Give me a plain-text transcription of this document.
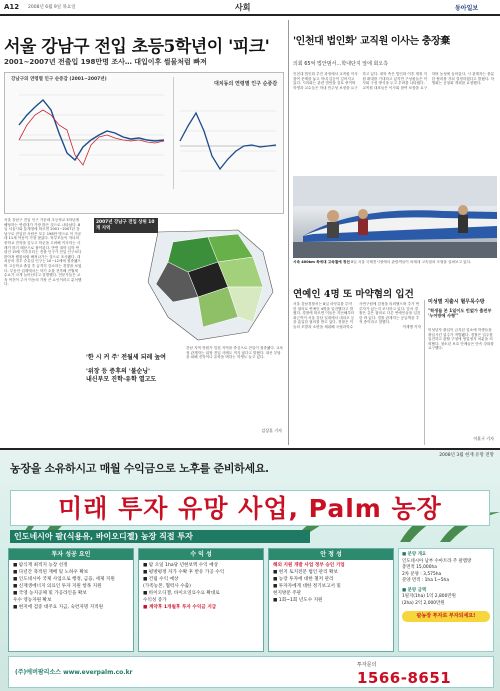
A12 2008년 6월 9일 목요일	사회	동아일보
서울 강남구 전입 초등5학년이 '피크'
2001~2007년 전출입 198만명 조사… 대입이후 썰물처럼 빠져
강남구의 연령별 인구 순증감 (2001~2007년)
대치동의 연령별 인구 순증감
2007년 강남구 전입 상위 10개 지역
서울 강남구 전입 인구 가운데 초등학교 5학년에 해당하는 연령대가 가장 많은 것으로 나타났다. 8일 서울시와 통계청에 따르면 2001~2007년 강남구로 전입한 사람은 모두 198만 명으로 이 가운데 11세 아동이 가장 많았다. 학부모들이 자녀의 중학교 진학을 앞두고 학군을 고려해 이사하는 사례가 많기 때문으로 풀이된다. 반면 대학 입학 연령인 19세 이후부터는 전출 인구가 전입 인구보다 많아져 썰물처럼 빠져나가는 것으로 조사됐다. 대치동의 경우 순유입 인구는 10~12세에 집중됐으며 고등학교 졸업 후 급격히 감소하는 경향을 보였다. 부동산 업계에서는 학기 초를 전후해 전월세 수요가 크게 늘어난다고 설명했다. 전문가들은 교육 여건이 주거 이동의 가장 큰 요인이라고 분석했다.
'한 시 커 주' 전월세 되레 높여
'위장 등 증후의 '불순닝'
내신부모 진학·유학 열고도
강남 지역 학원가 밀집 지역을 중심으로 전입이 집중됐다. 교육청 관계자는 위장 전입 사례도 적지 않다고 밝혔다. 내신 부담을 피해 진학이나 유학을 택하는 학생도 늘고 있다.
김상훈 기자
'인천대 법인화' 교직원 이사는 충장棄
의회 65억 법안범서…학내단지 앞에 회오측
인천대 법인화 추진 과정에서 교직원 이사 참여 문제를 놓고 학내 갈등이 깊어지고 있다. 시의회는 관련 법안을 검토 중이며 학생과 교수들은 학내 민주성 보장을 요구하고 있다. 대학 측은 법인화 이후 재정 지원 확대를 기대하고 있지만 구성원들은 이사회 구성 방식을 두고 우려를 나타냈다. 교직원 대표들은 이사회 참여 보장을 요구하며 농성에 들어갔다. 시 관계자는 충분한 협의를 거쳐 결정하겠다고 밝혔다. 학생회는 공청회 개최를 요청했다.
시속 400km 목에대 고속철에 정선 8일 서울 국제전시장에서 관람객들이 차세대 고속열차 모형을 살펴보고 있다.
연예인 4명 또 마약혐의 입건
서울 강남경찰서는 8일 마약류를 투약한 혐의로 연예인 4명을 입건했다고 밝혔다. 경찰에 따르면 이들은 지난해부터 최근까지 서울 강남 일대에서 대마초 등을 흡입한 혐의를 받고 있다. 경찰은 이들의 모발과 소변을 채취해 국립과학수사연구원에 감정을 의뢰했으며 추가 연루자가 있는지 조사하고 있다. 앞서 경찰은 같은 혐의로 다른 연예인들을 입건한 바 있다. 경찰 관계자는 공급책을 추적 중이라고 말했다.
이재명 기자
미성별 지출시 혈무목수방
"학생들 본 1일이도 빈없가 출전부 '누어방에 사형'"
미성년자 출입이 금지된 업소에 학생들을 출입시킨 업주가 적발됐다. 경찰은 업주를 입건하고 관할 구청에 영업정지 처분을 의뢰했다. 청소년 보호 단체들은 단속 강화를 요구했다.
이훈구 기자
2008년 3월 현재 유망 전망
농장을 소유하시고 매월 수익금으로 노후를 준비하세요.
미래 투자 유망 사업, Palm 농장
인도네시아 팜(식용유, 바이오디젤) 농장 직접 투자
투자 성공 요인
■ 팜식재 최적지 농장 선정
■ 다년간 축적된 재배 및 노하우 확보
■ 인도네시아 국제 사업으로 행정, 금융, 세제 지원
■ 신재생에너지 의료인 투자 지원 항목 지원
■ 국영 농지공체 및 가공라인을 확보
우수 영농자원 확보
■ 현지에 검증 대주요 지금, 숙련자명 지적원
수 익 성
■ 팜 오일 1ha당 년현보액 수익 예상
■ 평방평정 자가 수확 후 반유 가공 수익
■ 건립 수익 예상
(가족농본, 협력사 수출)
■ 바이오디젤, 바이오연료수요 확대로
수익성 증가
■ 계약후 1개월후 투자 수익금 지급
안 정 성
해외 지원 개발 사업 정부 승인 기업
■ 현지 토지전문 법인 관리 확보
■ 농장 투자에 대한 철저 관리
■ 투자자에게 대한 정기보고서 및
현지방문 주관
■ 1회~1회 년도수 지원
■ 분양 개요
인도네시아 남부 수마트라 주 팔렘방
총면적 15,000ha
2차 분양 : 3,575ha
분양 면적 : 1ha 1~5ha
■ 분양 금액
1필지(1ha) 1억 2,800만원
(2ha) 2억 2,000만원
팜농장 투자로 부자되세요!
(주)에버팜리소스 www.everpalm.co.kr
투자문의
1566-8651
